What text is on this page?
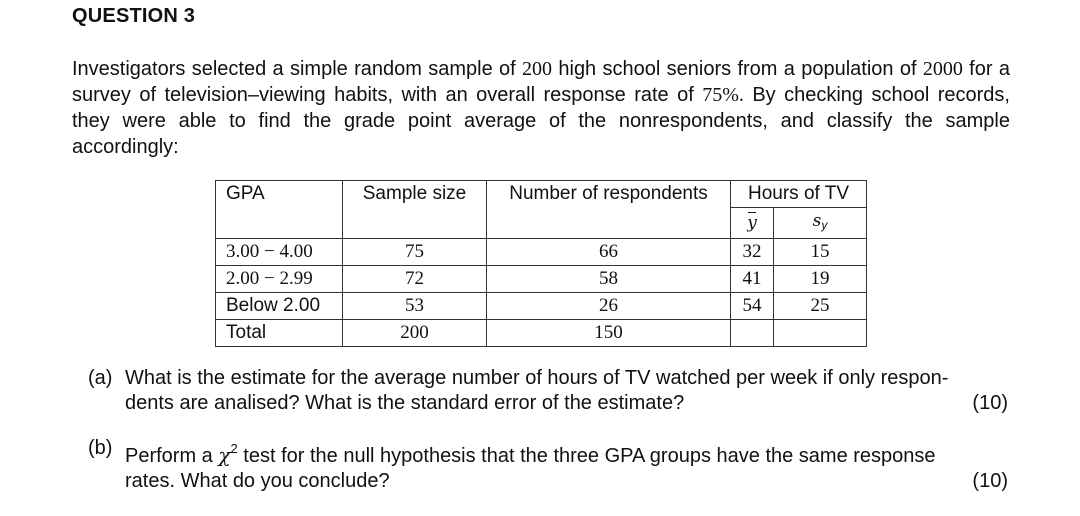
QUESTION 3

Investigators selected a simple random sample of 200 high school seniors from a population of 2000 for a survey of television–viewing habits, with an overall response rate of 75%. By checking school records, they were able to find the grade point average of the nonrespondents, and classify the sample accordingly:

GPA	Sample size	Number of respondents	Hours of TV	
			y	$s_y$
3.00 − 4.00	75	66	32	15
2.00 − 2.99	72	58	41	19
Below 2.00	53	26	54	25
Total	200	150		
(a) What is the estimate for the average number of hours of TV watched per week if only respon-
dents are analised? What is the standard error of the estimate?	(10)
(b) Perform a $\chi^2$ test for the null hypothesis that the three GPA groups have the same response
rates. What do you conclude?	(10)
